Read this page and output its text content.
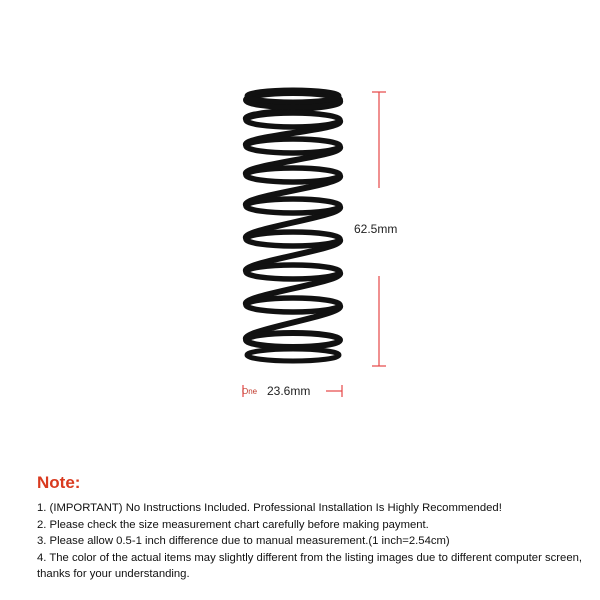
62.5mm
One 23.6mm
Note:
1. (IMPORTANT) No Instructions Included. Professional Installation Is Highly Recommended!
2. Please check the size measurement chart carefully before making payment.
3. Please allow 0.5-1 inch difference due to manual measurement.(1 inch=2.54cm)
4. The color of the actual items may slightly different from the listing images due to different computer screen, thanks for your understanding.
